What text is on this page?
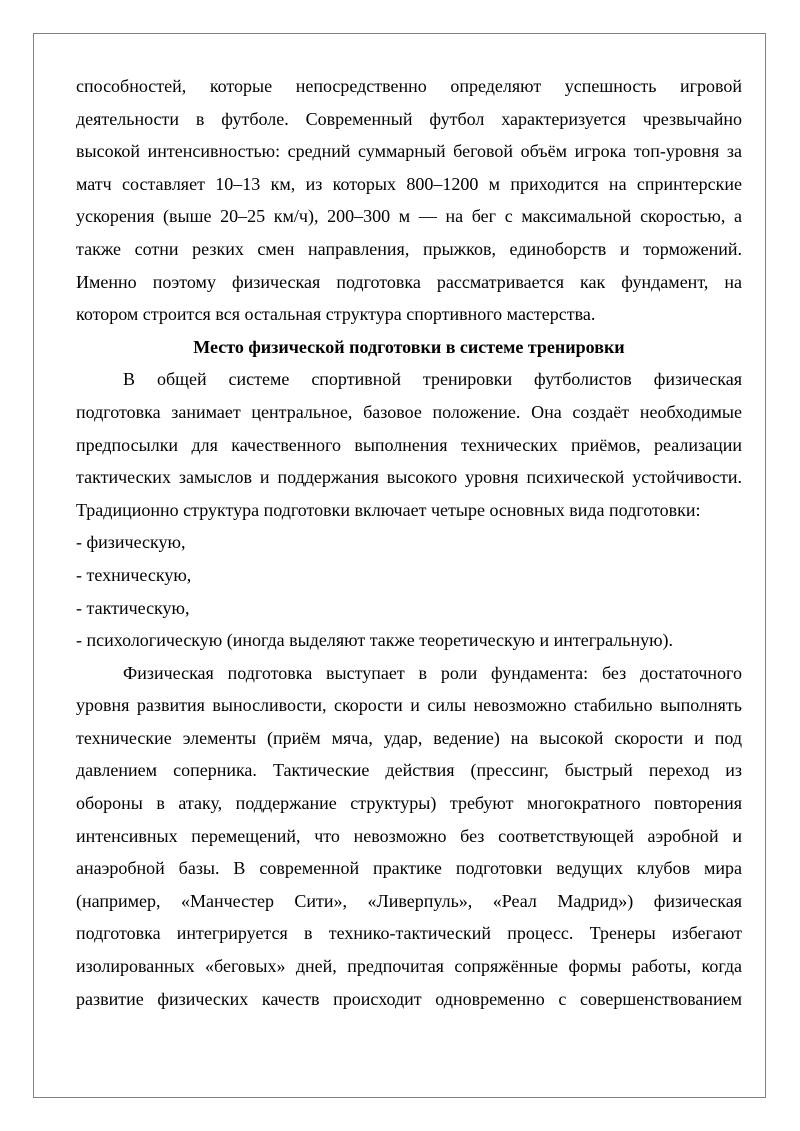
способностей, которые непосредственно определяют успешность игровой
деятельности в футболе. Современный футбол характеризуется чрезвычайно
высокой интенсивностью: средний суммарный беговой объём игрока топ-уровня за
матч составляет 10–13 км, из которых 800–1200 м приходится на спринтерские
ускорения (выше 20–25 км/ч), 200–300 м — на бег с максимальной скоростью, а
также сотни резких смен направления, прыжков, единоборств и торможений.
Именно поэтому физическая подготовка рассматривается как фундамент, на
котором строится вся остальная структура спортивного мастерства.
Место физической подготовки в системе тренировки
В общей системе спортивной тренировки футболистов физическая
подготовка занимает центральное, базовое положение. Она создаёт необходимые
предпосылки для качественного выполнения технических приёмов, реализации
тактических замыслов и поддержания высокого уровня психической устойчивости.
Традиционно структура подготовки включает четыре основных вида подготовки:
- физическую,
- техническую,
- тактическую,
- психологическую (иногда выделяют также теоретическую и интегральную).
Физическая подготовка выступает в роли фундамента: без достаточного
уровня развития выносливости, скорости и силы невозможно стабильно выполнять
технические элементы (приём мяча, удар, ведение) на высокой скорости и под
давлением соперника. Тактические действия (прессинг, быстрый переход из
обороны в атаку, поддержание структуры) требуют многократного повторения
интенсивных перемещений, что невозможно без соответствующей аэробной и
анаэробной базы. В современной практике подготовки ведущих клубов мира
(например, «Манчестер Сити», «Ливерпуль», «Реал Мадрид») физическая
подготовка интегрируется в технико-тактический процесс. Тренеры избегают
изолированных «беговых» дней, предпочитая сопряжённые формы работы, когда
развитие физических качеств происходит одновременно с совершенствованием
